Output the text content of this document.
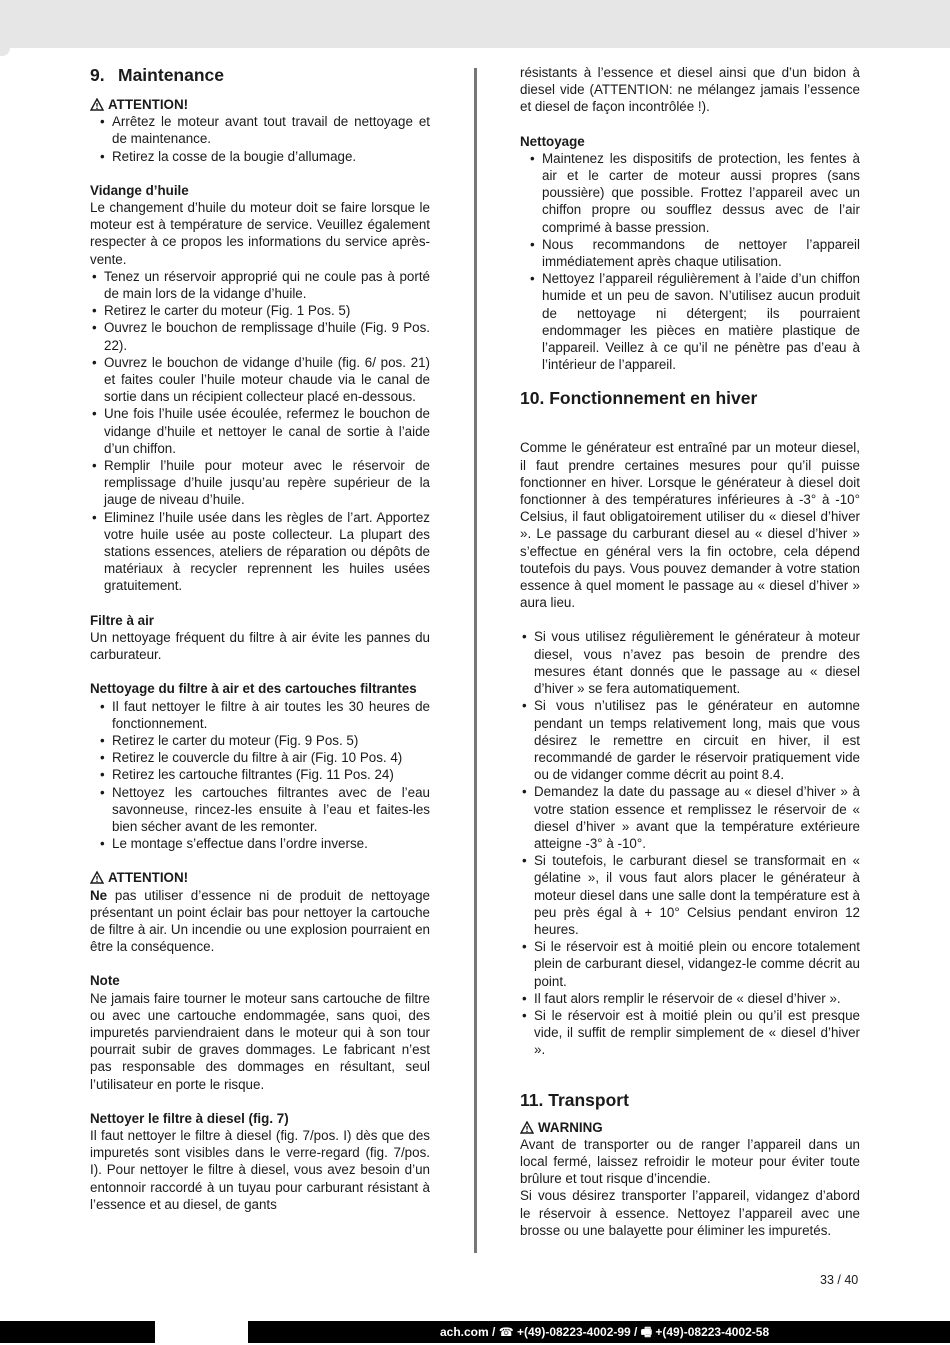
9. Maintenance
ATTENTION!
• Arrêtez le moteur avant tout travail de nettoyage et de maintenance.
• Retirez la cosse de la bougie d’allumage.
Vidange d’huile

Le changement d’huile du moteur doit se faire lorsque le moteur est à température de service. Veuillez également respecter à ce propos les informations du service après-vente.

• Tenez un réservoir approprié qui ne coule pas à porté de main lors de la vidange d’huile.
• Retirez le carter du moteur (Fig. 1 Pos. 5)
• Ouvrez le bouchon de remplissage d’huile (Fig. 9 Pos. 22).
• Ouvrez le bouchon de vidange d’huile (fig. 6/ pos. 21) et faites couler l’huile moteur chaude via le canal de sortie dans un récipient collecteur placé en-dessous.
• Une fois l’huile usée écoulée, refermez le bouchon de vidange d’huile et nettoyer le canal de sortie à l’aide d’un chiffon.
• Remplir l’huile pour moteur avec le réservoir de remplissage d’huile jusqu’au repère supérieur de la jauge de niveau d’huile.
• Eliminez l’huile usée dans les règles de l’art. Apportez votre huile usée au poste collecteur. La plupart des stations essences, ateliers de réparation ou dépôts de matériaux à recycler reprennent les huiles usées gratuitement.
Filtre à air

Un nettoyage fréquent du filtre à air évite les pannes du carburateur.

Nettoyage du filtre à air et des cartouches filtrantes
• Il faut nettoyer le filtre à air toutes les 30 heures de fonctionnement.
• Retirez le carter du moteur (Fig. 9 Pos. 5)
• Retirez le couvercle du filtre à air (Fig. 10 Pos. 4)
• Retirez les cartouche filtrantes (Fig. 11 Pos. 24)
• Nettoyez les cartouches filtrantes avec de l’eau savonneuse, rincez-les ensuite à l’eau et faites-les bien sécher avant de les remonter.
• Le montage s’effectue dans l’ordre inverse.
ATTENTION!

Ne pas utiliser d’essence ni de produit de nettoyage présentant un point éclair bas pour nettoyer la cartouche de filtre à air. Un incendie ou une explosion pourraient en être la conséquence.

Note

Ne jamais faire tourner le moteur sans cartouche de filtre ou avec une cartouche endommagée, sans quoi, des impuretés parviendraient dans le moteur qui à son tour pourrait subir de graves dommages. Le fabricant n’est pas responsable des dommages en résultant, seul l’utilisateur en porte le risque.

Nettoyer le filtre à diesel (fig. 7)

Il faut nettoyer le filtre à diesel (fig. 7/pos. I) dès que des impuretés sont visibles dans le verre-regard (fig. 7/pos. I). Pour nettoyer le filtre à diesel, vous avez besoin d’un entonnoir raccordé à un tuyau pour carburant résistant à l’essence et au diesel, de gants

résistants à l’essence et diesel ainsi que d’un bidon à diesel vide (ATTENTION: ne mélangez jamais l’essence et diesel de façon incontrôlée !).

Nettoyage
• Maintenez les dispositifs de protection, les fentes à air et le carter de moteur aussi propres (sans poussière) que possible. Frottez l’appareil avec un chiffon propre ou soufflez dessus avec de l’air comprimé à basse pression.
• Nous recommandons de nettoyer l’appareil immédiatement après chaque utilisation.
• Nettoyez l’appareil régulièrement à l’aide d’un chiffon humide et un peu de savon. N’utilisez aucun produit de nettoyage ni détergent; ils pourraient endommager les pièces en matière plastique de l’appareil. Veillez à ce qu’il ne pénètre pas d’eau à l’intérieur de l’appareil.
10. Fonctionnement en hiver

Comme le générateur est entraîné par un moteur diesel, il faut prendre certaines mesures pour qu’il puisse fonctionner en hiver. Lorsque le générateur à diesel doit fonctionner à des températures inférieures à -3° à -10° Celsius, il faut obligatoirement utiliser du « diesel d’hiver ». Le passage du carburant diesel au « diesel d’hiver » s’effectue en général vers la fin octobre, cela dépend toutefois du pays. Vous pouvez demander à votre station essence à quel moment le passage au « diesel d’hiver » aura lieu.

• Si vous utilisez régulièrement le générateur à moteur diesel, vous n’avez pas besoin de prendre des mesures étant donnés que le passage au « diesel d’hiver » se fera automatiquement.
• Si vous n’utilisez pas le générateur en automne pendant un temps relativement long, mais que vous désirez le remettre en circuit en hiver, il est recommandé de garder le réservoir pratiquement vide ou de vidanger comme décrit au point 8.4.
• Demandez la date du passage au « diesel d’hiver » à votre station essence et remplissez le réservoir de « diesel d’hiver » avant que la température extérieure atteigne -3° à -10°.
• Si toutefois, le carburant diesel se transformait en « gélatine », il vous faut alors placer le générateur à moteur diesel dans une salle dont la température est à peu près égal à + 10° Celsius pendant environ 12 heures.
• Si le réservoir est à moitié plein ou encore totalement plein de carburant diesel, vidangez-le comme décrit au point.
• Il faut alors remplir le réservoir de « diesel d’hiver ».
• Si le réservoir est à moitié plein ou qu’il est presque vide, il suffit de remplir simplement de « diesel d’hiver ».
11. Transport
WARNING

Avant de transporter ou de ranger l’appareil dans un local fermé, laissez refroidir le moteur pour éviter toute brûlure et tout risque d’incendie.

Si vous désirez transporter l’appareil, vidangez d’abord le réservoir à essence. Nettoyez l’appareil avec une brosse ou une balayette pour éliminer les impuretés.

33 / 40
ach.com / ☎ +(49)-08223-4002-99 / 🖷 +(49)-08223-4002-58
